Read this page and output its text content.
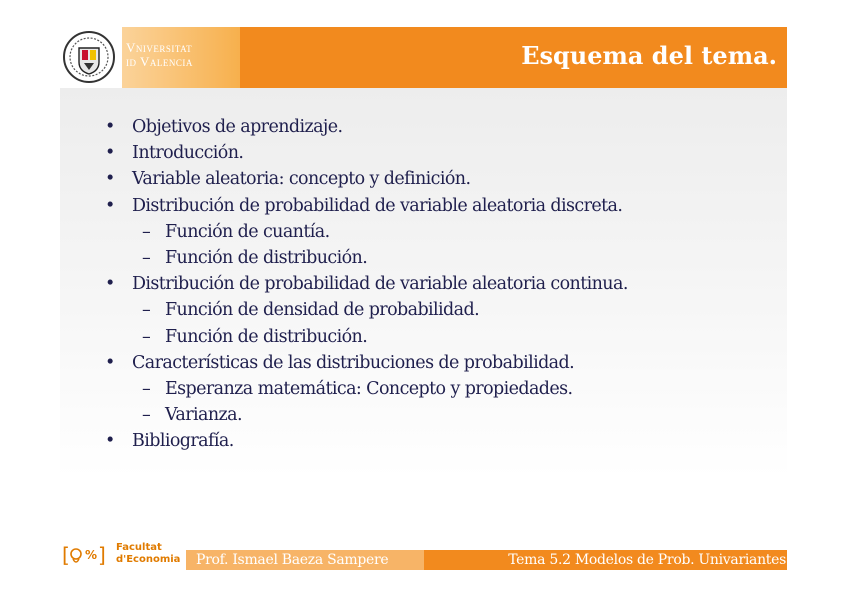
Vniversitat
id Valencia	Esquema del tema.
• Objetivos de aprendizaje.
• Introducción.
• Variable aleatoria: concepto y definición.
• Distribución de probabilidad de variable aleatoria discreta.
– Función de cuantía.
– Función de distribución.
• Distribución de probabilidad de variable aleatoria continua.
– Función de densidad de probabilidad.
– Función de distribución.
• Características de las distribuciones de probabilidad.
– Esperanza matemática: Concepto y propiedades.
– Varianza.
• Bibliografía.
[ % ] Facultat
d'Economia Prof. Ismael Baeza Sampere	Tema 5.2 Modelos de Prob. Univariantes
